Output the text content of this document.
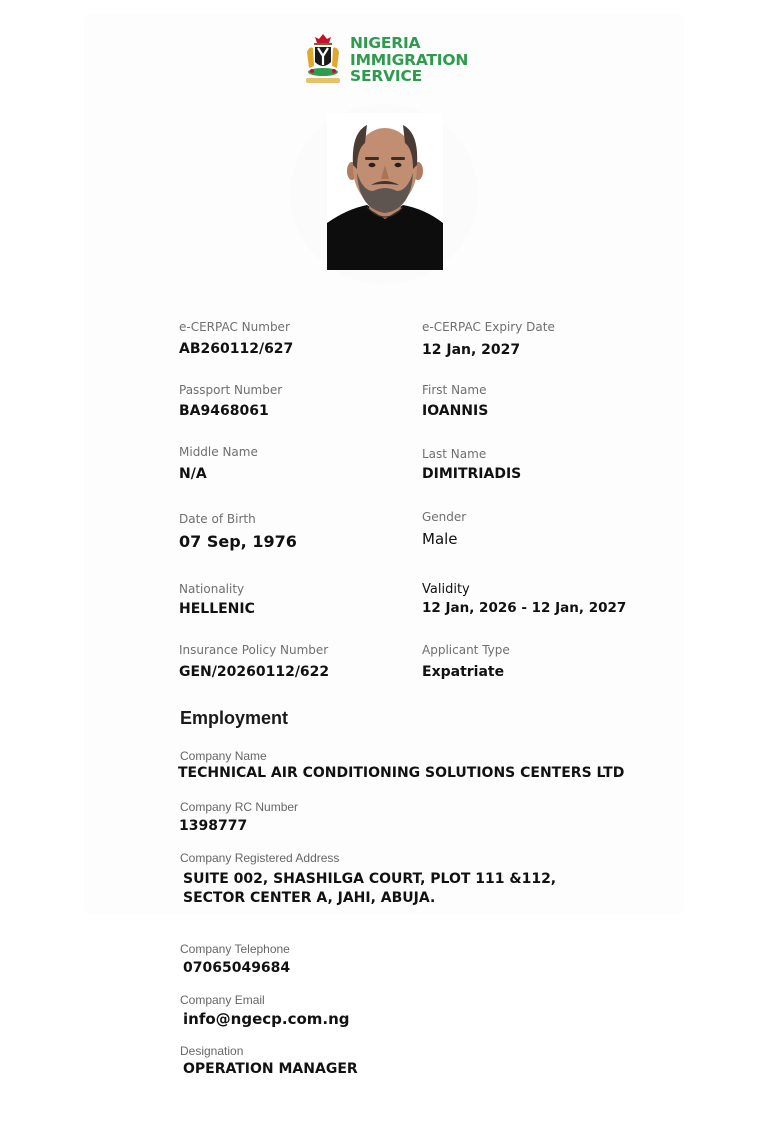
NIGERIA
IMMIGRATION
SERVICE
e-CERPAC Number
AB260112/627
Passport Number
BA9468061
Middle Name
N/A
Date of Birth
07 Sep, 1976
Nationality
HELLENIC
Insurance Policy Number
GEN/20260112/622
e-CERPAC Expiry Date
12 Jan, 2027
First Name
IOANNIS
Last Name
DIMITRIADIS
Gender
Male
Validity
12 Jan, 2026 - 12 Jan, 2027
Applicant Type
Expatriate
Employment
Company Name
TECHNICAL AIR CONDITIONING SOLUTIONS CENTERS LTD
Company RC Number
1398777
Company Registered Address
SUITE 002, SHASHILGA COURT, PLOT 111 &112,
SECTOR CENTER A, JAHI, ABUJA.
Company Telephone
07065049684
Company Email
info@ngecp.com.ng
Designation
OPERATION MANAGER
